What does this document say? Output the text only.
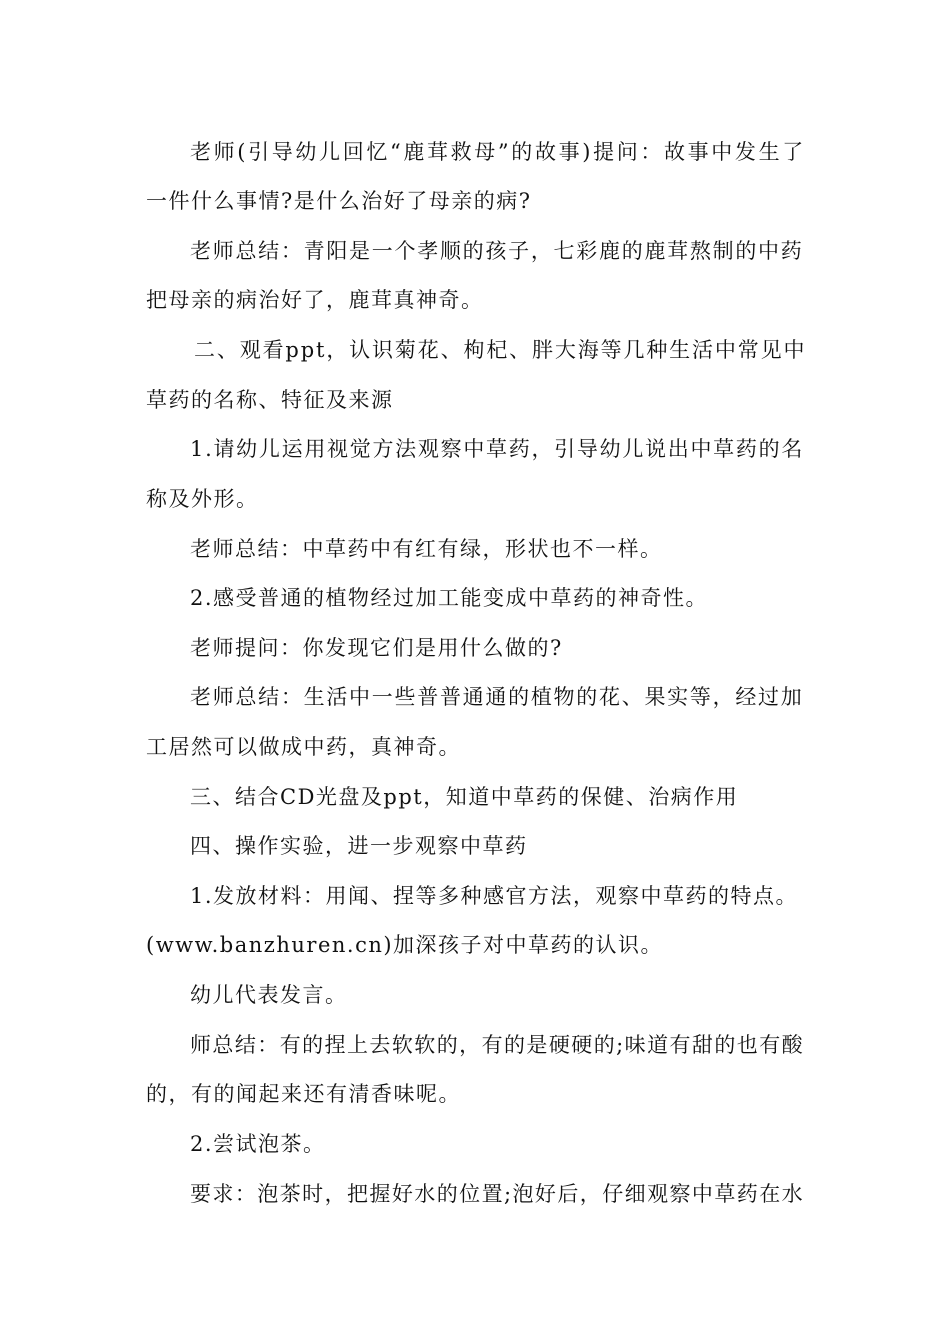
老师(引导幼儿回忆“鹿茸救母”的故事)提问：故事中发生了

一件什么事情?是什么治好了母亲的病?

老师总结：青阳是一个孝顺的孩子，七彩鹿的鹿茸熬制的中药

把母亲的病治好了，鹿茸真神奇。

二、观看ppt，认识菊花、枸杞、胖大海等几种生活中常见中

草药的名称、特征及来源

1.请幼儿运用视觉方法观察中草药，引导幼儿说出中草药的名

称及外形。

老师总结：中草药中有红有绿，形状也不一样。

2.感受普通的植物经过加工能变成中草药的神奇性。

老师提问：你发现它们是用什么做的?

老师总结：生活中一些普普通通的植物的花、果实等，经过加

工居然可以做成中药，真神奇。

三、结合CD光盘及ppt，知道中草药的保健、治病作用

四、操作实验，进一步观察中草药

1.发放材料：用闻、捏等多种感官方法，观察中草药的特点。

(www.banzhuren.cn)加深孩子对中草药的认识。

幼儿代表发言。

师总结：有的捏上去软软的，有的是硬硬的;味道有甜的也有酸

的，有的闻起来还有清香味呢。

2.尝试泡茶。

要求：泡茶时，把握好水的位置;泡好后，仔细观察中草药在水
